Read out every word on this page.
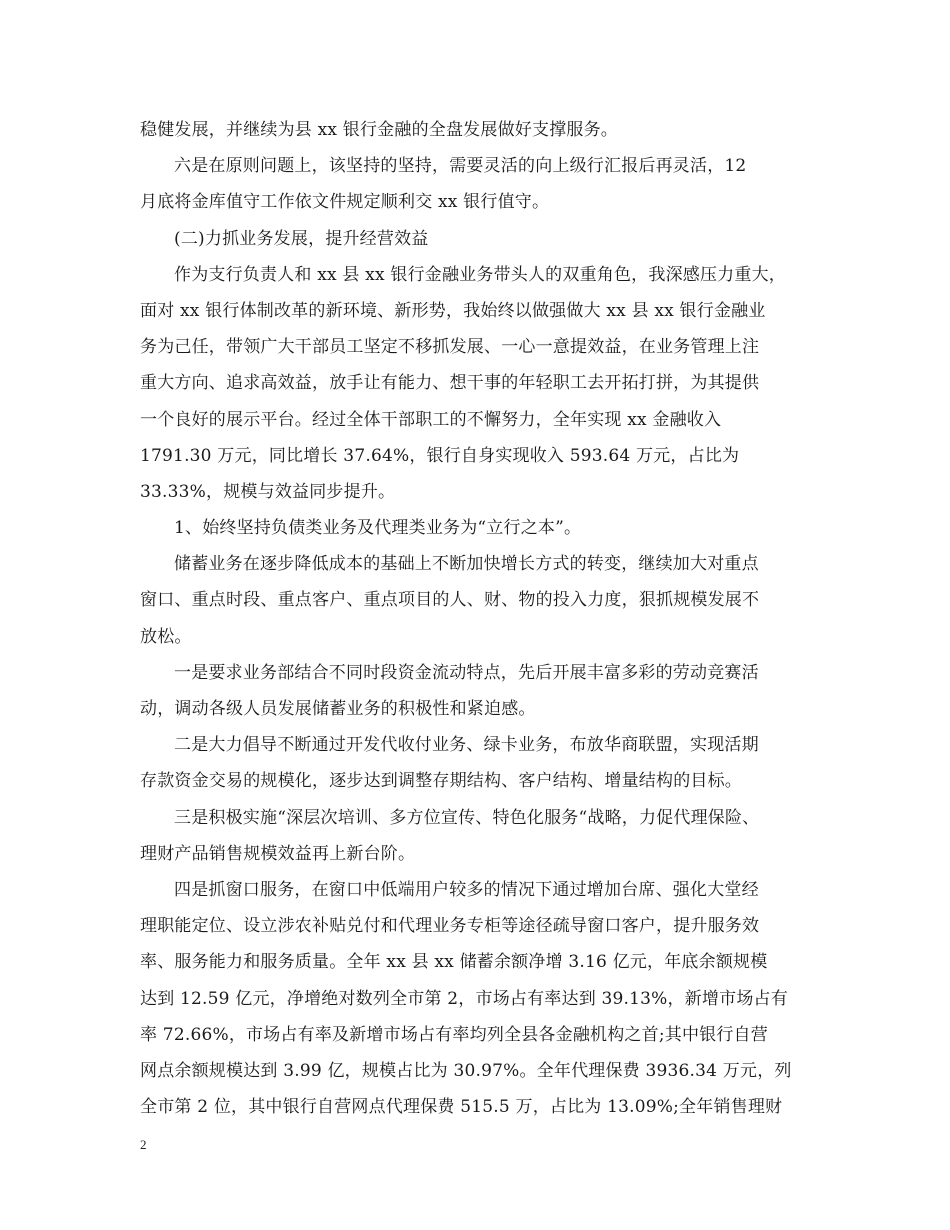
稳健发展，并继续为县 xx 银行金融的全盘发展做好支撑服务。
六是在原则问题上，该坚持的坚持，需要灵活的向上级行汇报后再灵活，12
月底将金库值守工作依文件规定顺利交 xx 银行值守。
(二)力抓业务发展，提升经营效益
作为支行负责人和 xx 县 xx 银行金融业务带头人的双重角色，我深感压力重大，
面对 xx 银行体制改革的新环境、新形势，我始终以做强做大 xx 县 xx 银行金融业
务为己任，带领广大干部员工坚定不移抓发展、一心一意提效益，在业务管理上注
重大方向、追求高效益，放手让有能力、想干事的年轻职工去开拓打拼，为其提供
一个良好的展示平台。经过全体干部职工的不懈努力，全年实现 xx 金融收入
1791.30 万元，同比增长 37.64%，银行自身实现收入 593.64 万元，占比为
33.33%，规模与效益同步提升。
1、始终坚持负债类业务及代理类业务为“立行之本”。
储蓄业务在逐步降低成本的基础上不断加快增长方式的转变，继续加大对重点
窗口、重点时段、重点客户、重点项目的人、财、物的投入力度，狠抓规模发展不
放松。
一是要求业务部结合不同时段资金流动特点，先后开展丰富多彩的劳动竞赛活
动，调动各级人员发展储蓄业务的积极性和紧迫感。
二是大力倡导不断通过开发代收付业务、绿卡业务，布放华商联盟，实现活期
存款资金交易的规模化，逐步达到调整存期结构、客户结构、增量结构的目标。
三是积极实施“深层次培训、多方位宣传、特色化服务“战略，力促代理保险、
理财产品销售规模效益再上新台阶。
四是抓窗口服务，在窗口中低端用户较多的情况下通过增加台席、强化大堂经
理职能定位、设立涉农补贴兑付和代理业务专柜等途径疏导窗口客户，提升服务效
率、服务能力和服务质量。全年 xx 县 xx 储蓄余额净增 3.16 亿元，年底余额规模
达到 12.59 亿元，净增绝对数列全市第 2，市场占有率达到 39.13%，新增市场占有
率 72.66%，市场占有率及新增市场占有率均列全县各金融机构之首;其中银行自营
网点余额规模达到 3.99 亿，规模占比为 30.97%。全年代理保费 3936.34 万元，列
全市第 2 位，其中银行自营网点代理保费 515.5 万，占比为 13.09%;全年销售理财
2
